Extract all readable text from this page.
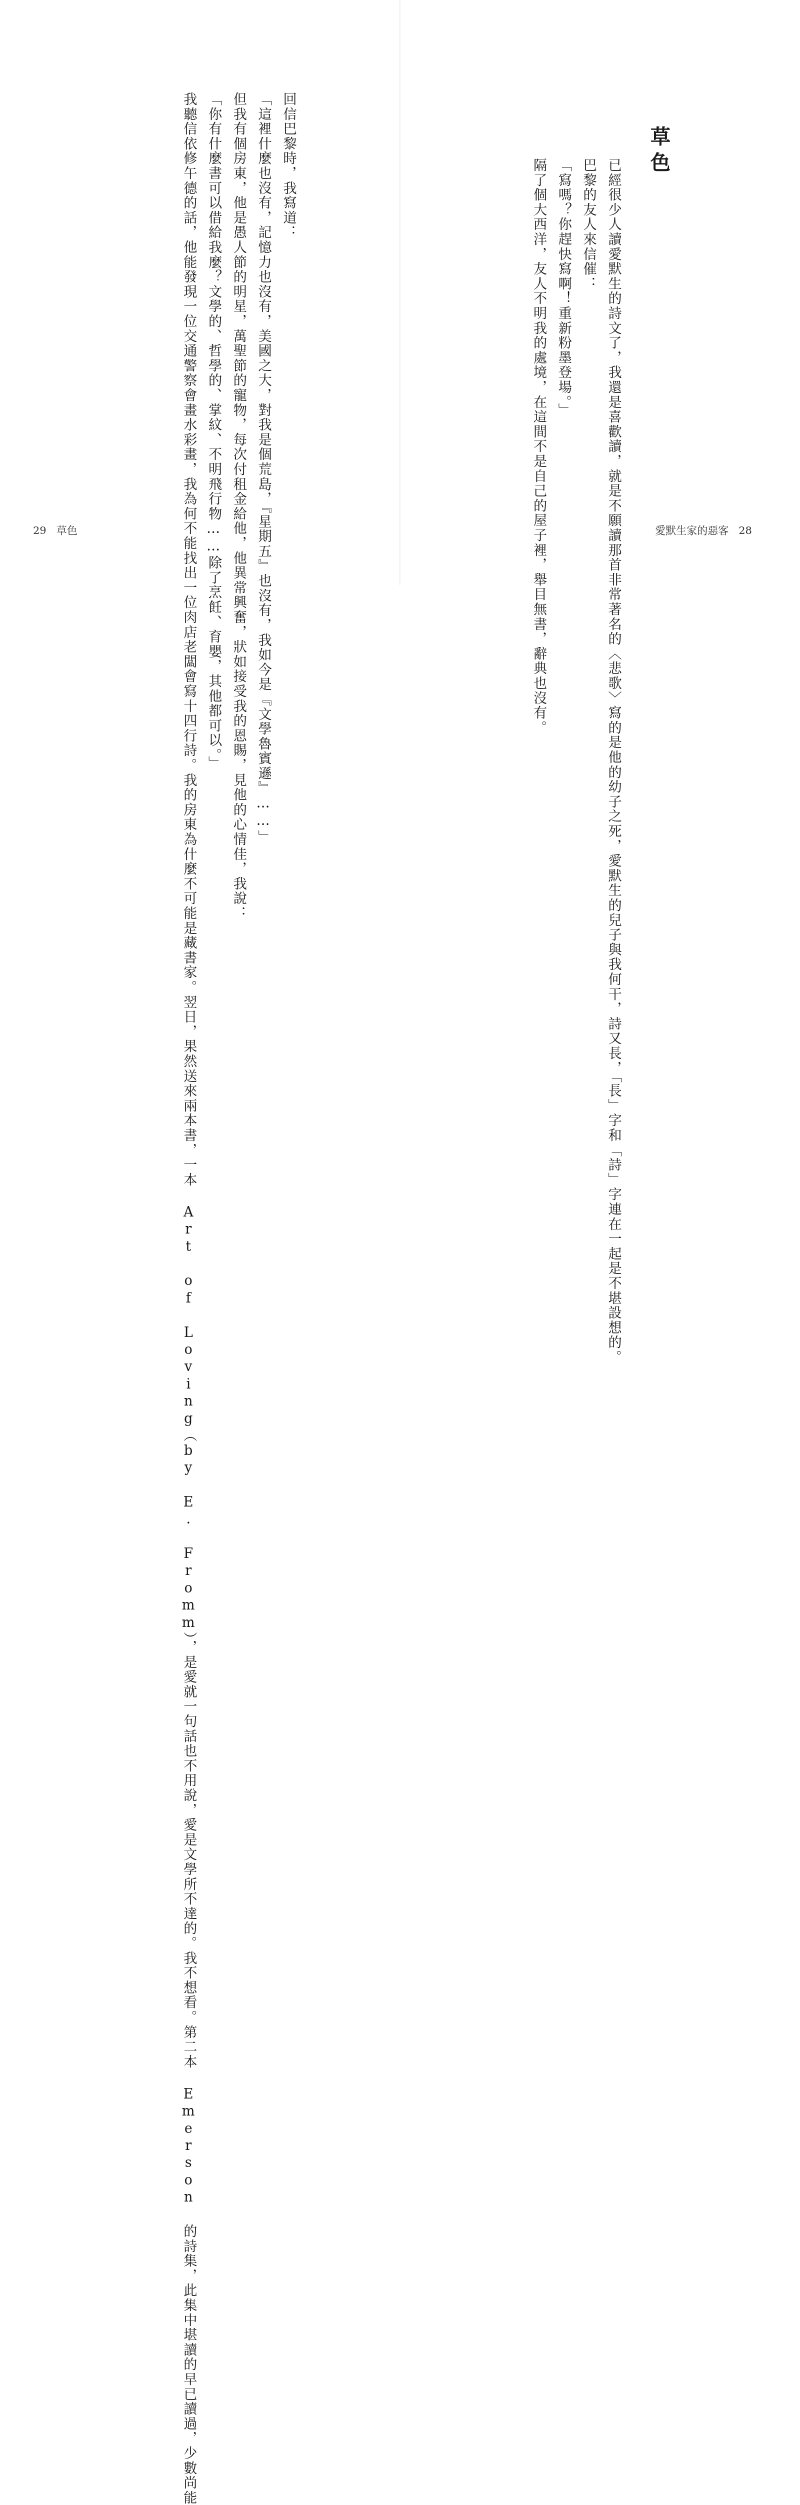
回信巴黎時，我寫道：

「這裡什麼也沒有，記憶力也沒有，美國之大，對我是個荒島，『星期五』也沒有，我如今是『文學魯賓遜』……」

但我有個房東，他是愚人節的明星，萬聖節的寵物，每次付租金給他，他異常興奮，狀如接受我的恩賜，見他的心情佳，我說：

「你有什麼書可以借給我麼？文學的、哲學的、掌紋、不明飛行物……除了烹飪、育嬰，其他都可以。」

我聽信依修午德的話，他能發現一位交通警察會畫水彩畫，我為何不能找出一位肉店老闆會寫十四行詩。我的房東為什麼不可能是藏書家。翌日，果然送來兩本書，一本 Art of Loving（by E. Fromm），是愛就一句話也不用說，愛是文學所不達的。我不想看。第二本 Emerson 的詩集，此集中堪讀的早已讀過，少數尚能

29 草色
草色

已經很少人讀愛默生的詩文了，我還是喜歡讀，就是不願讀那首非常著名的〈悲歌〉寫的是他的幼子之死，愛默生的兒子與我何干，詩又長，「長」字和「詩」字連在一起是不堪設想的。

巴黎的友人來信催：

「寫嗎？你趕快寫啊！重新粉墨登場。」

隔了個大西洋，友人不明我的處境，在這間不是自己的屋子裡，舉目無書，辭典也沒有。	愛默生家的惡客 28
